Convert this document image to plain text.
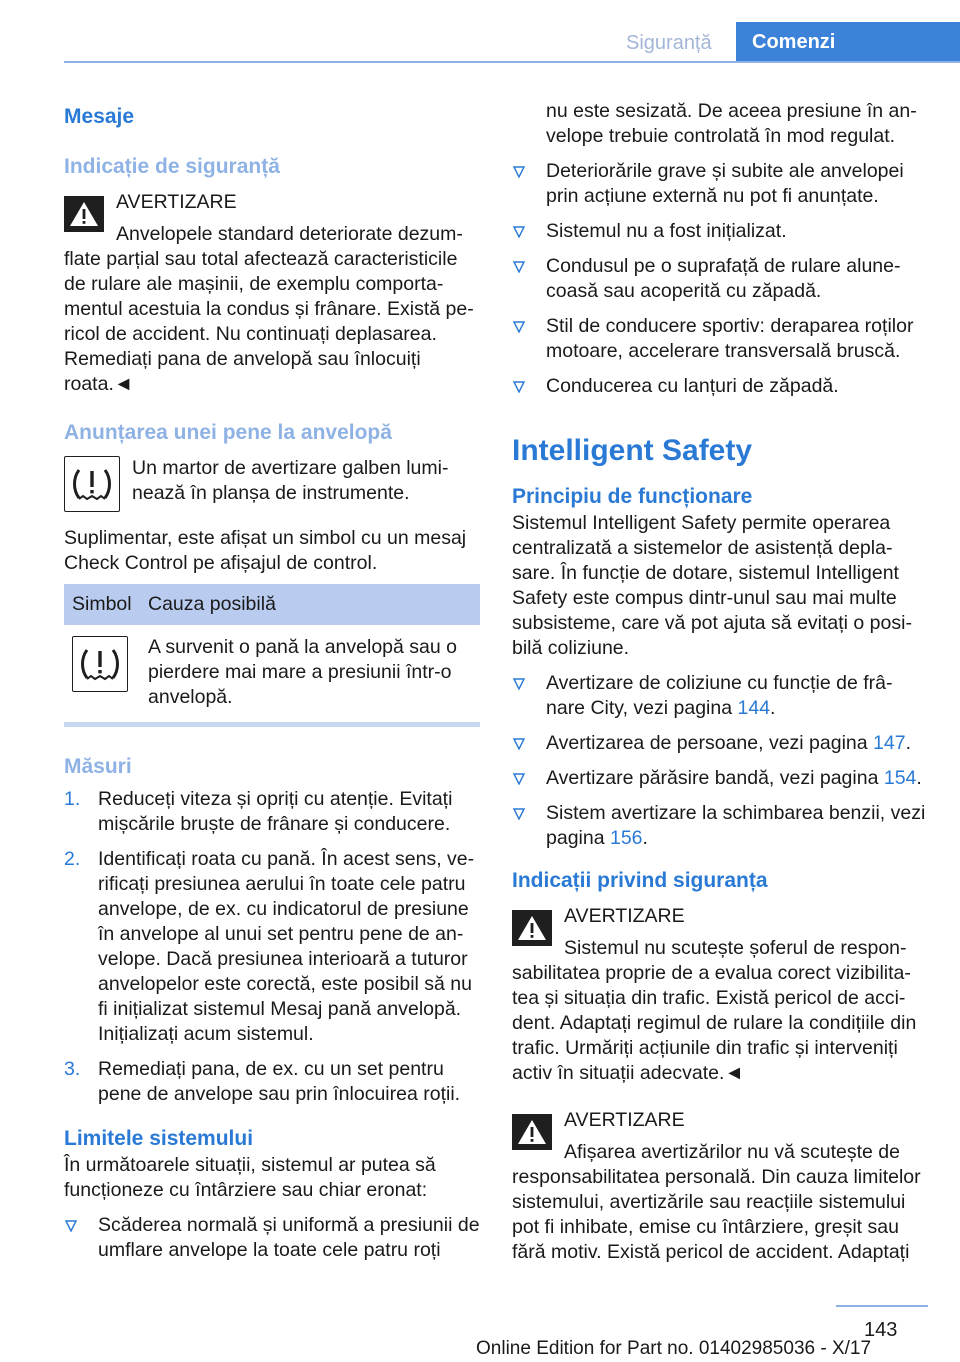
Siguranță	Comenzi
Mesaje
Indicație de siguranță

AVERTIZARE

Anvelopele standard deteriorate dezum-

flate parțial sau total afectează caracteristicile de rulare ale mașinii, de exemplu comporta-mentul acestuia la condus și frânare. Există pe-ricol de accident. Nu continuați deplasarea. Remediați pana de anvelopă sau înlocuiți roata.◄

Anunțarea unei pene la anvelopă

Un martor de avertizare galben lumi-nează în planșa de instrumente.

Suplimentar, este afișat un simbol cu un mesaj Check Control pe afișajul de control.

Simbol	Cauza posibilă

	A survenit o pană la anvelopă sau o pierdere mai mare a presiunii într-o anvelopă.
Măsuri
1. Reduceți viteza și opriți cu atenție. Evitați mișcările bruște de frânare și conducere.
2. Identificați roata cu pană. În acest sens, ve-rificați presiunea aerului în toate cele patru anvelope, de ex. cu indicatorul de presiune în anvelope al unui set pentru pene de an-velope. Dacă presiunea interioară a tuturor anvelopelor este corectă, este posibil să nu fi inițializat sistemul Mesaj pană anvelopă. Inițializați acum sistemul.
3. Remediați pana, de ex. cu un set pentru pene de anvelope sau prin înlocuirea roții.
Limitele sistemului

În următoarele situații, sistemul ar putea să funcționeze cu întârziere sau chiar eronat:

Scăderea normală și uniformă a presiunii de umflare anvelope la toate cele patru roți

nu este sesizată. De aceea presiune în an-velope trebuie controlată în mod regulat.

Deteriorările grave și subite ale anvelopei prin acțiune externă nu pot fi anunțate.
Sistemul nu a fost inițializat.
Condusul pe o suprafață de rulare alune-coasă sau acoperită cu zăpadă.
Stil de conducere sportiv: deraparea roților motoare, accelerare transversală bruscă.
Conducerea cu lanțuri de zăpadă.
Intelligent Safety
Principiu de funcționare

Sistemul Intelligent Safety permite operarea centralizată a sistemelor de asistență depla-sare. În funcție de dotare, sistemul Intelligent Safety este compus dintr-unul sau mai multe subsisteme, care vă pot ajuta să evitați o posi-bilă coliziune.

Avertizare de coliziune cu funcție de frâ-nare City, vezi pagina 144.
Avertizarea de persoane, vezi pagina 147.
Avertizare părăsire bandă, vezi pagina 154.
Sistem avertizare la schimbarea benzii, vezi pagina 156.
Indicații privind siguranța

AVERTIZARE

Sistemul nu scutește șoferul de respon-

sabilitatea proprie de a evalua corect vizibilita-tea și situația din trafic. Există pericol de acci-dent. Adaptați regimul de rulare la condițiile din trafic. Urmăriți acțiunile din trafic și interveniți activ în situații adecvate.◄

AVERTIZARE

Afișarea avertizărilor nu vă scutește de

responsabilitatea personală. Din cauza limitelor sistemului, avertizările sau reacțiile sistemului pot fi inhibate, emise cu întârziere, greșit sau fără motiv. Există pericol de accident. Adaptați

143
Online Edition for Part no. 01402985036 - X/17
